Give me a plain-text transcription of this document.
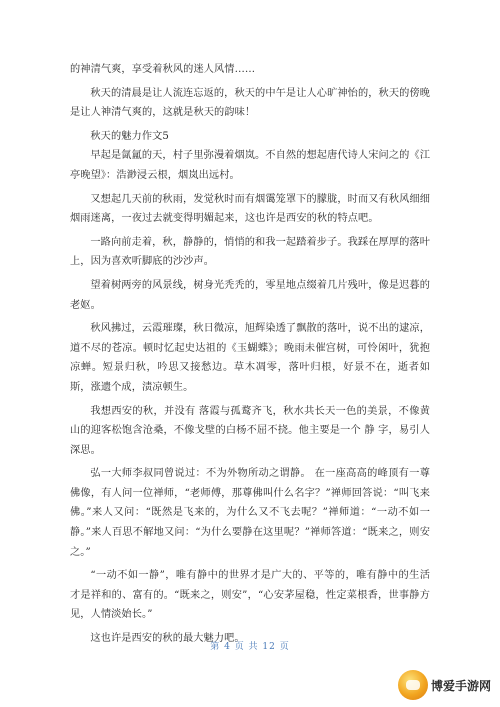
的神清气爽，享受着秋风的迷人风情……

秋天的清晨是让人流连忘返的，秋天的中午是让人心旷神怡的，秋天的傍晚是让人神清气爽的，这就是秋天的韵味！

秋天的魅力作文5

早起是氤氲的天，村子里弥漫着烟岚。不自然的想起唐代诗人宋问之的《江亭晚望》：浩渺浸云根，烟岚出远村。

又想起几天前的秋雨，发觉秋时而有烟霭笼罩下的朦胧，时而又有秋风细细烟雨迷离，一夜过去就变得明媚起来，这也许是西安的秋的特点吧。

一路向前走着，秋，静静的，悄悄的和我一起踏着步子。我踩在厚厚的落叶上，因为喜欢听脚底的沙沙声。

望着树两旁的风景线，树身光秃秃的，零星地点缀着几片残叶，像是迟暮的老妪。

秋风拂过，云霞璀璨，秋日微凉，旭辉染透了飘散的落叶，说不出的逮凉，道不尽的苍凉。顿时忆起史达祖的《玉蝴蝶》；晚雨未催宫树，可怜闲叶，犹抱凉蝉。短景归秋，吟思又接愁边。草木凋零，落叶归根，好景不在，逝者如斯，涨遗个成，渍凉顿生。

我想西安的秋，并没有 落霞与孤鹜齐飞，秋水共长天一色的美景，不像黄山的迎客松饱含沧桑，不像戈壁的白杨不屈不挠。他主要是一个 静 字，易引人深思。

弘一大师李叔同曾说过：不为外物所动之谓静。 在一座高高的峰顶有一尊佛像，有人问一位禅师，“老师傅，那尊佛叫什么名字？”禅师回答说：“叫飞来佛。”来人又问：“既然是飞来的，为什么又不飞去呢？”禅师道：“一动不如一静。”来人百思不解地又问：“为什么要静在这里呢？”禅师答道：“既来之，则安之。”

“一动不如一静”，唯有静中的世界才是广大的、平等的，唯有静中的生活才是祥和的、富有的。“既来之，则安”，“心安茅屋稳，性定菜根香，世事静方见，人情淡始长。”

这也许是西安的秋的最大魅力吧。

第 4 页 共 12 页
博爱手游网
